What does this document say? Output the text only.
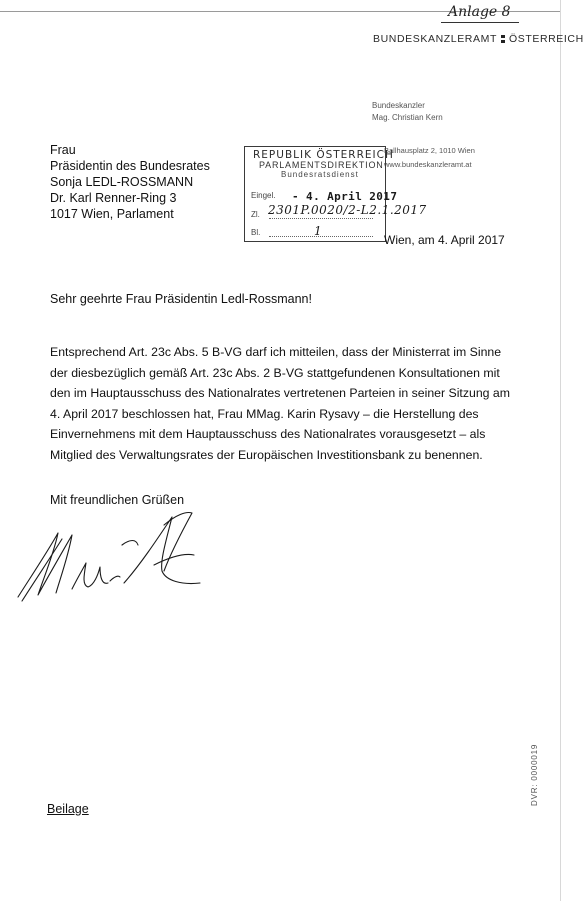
Anlage 8
BUNDESKANZLERAMT ÖSTERREICH
Bundeskanzler
Mag. Christian Kern
Frau
Präsidentin des Bundesrates
Sonja LEDL-ROSSMANN
Dr. Karl Renner-Ring 3
1017 Wien, Parlament
Ballhausplatz 2, 1010 Wien
www.bundeskanzleramt.at
REPUBLIK ÖSTERREICH
PARLAMENTSDIREKTION
Bundesratsdienst
Eingel. - 4. April 2017
Zl.
Bl.
2301P.0020/2-L2.1.2017
1
Wien, am 4. April 2017
Sehr geehrte Frau Präsidentin Ledl-Rossmann!
Entsprechend Art. 23c Abs. 5 B-VG darf ich mitteilen, dass der Ministerrat im Sinne der diesbezüglich gemäß Art. 23c Abs. 2 B-VG stattgefundenen Konsultationen mit den im Hauptausschuss des Nationalrates vertretenen Parteien in seiner Sitzung am 4. April 2017 beschlossen hat, Frau MMag. Karin Rysavy – die Herstellung des Einvernehmens mit dem Hauptausschuss des Nationalrates vorausgesetzt – als Mitglied des Verwaltungsrates der Europäischen Investitionsbank zu benennen.
Mit freundlichen Grüßen
Beilage
DVR: 0000019
